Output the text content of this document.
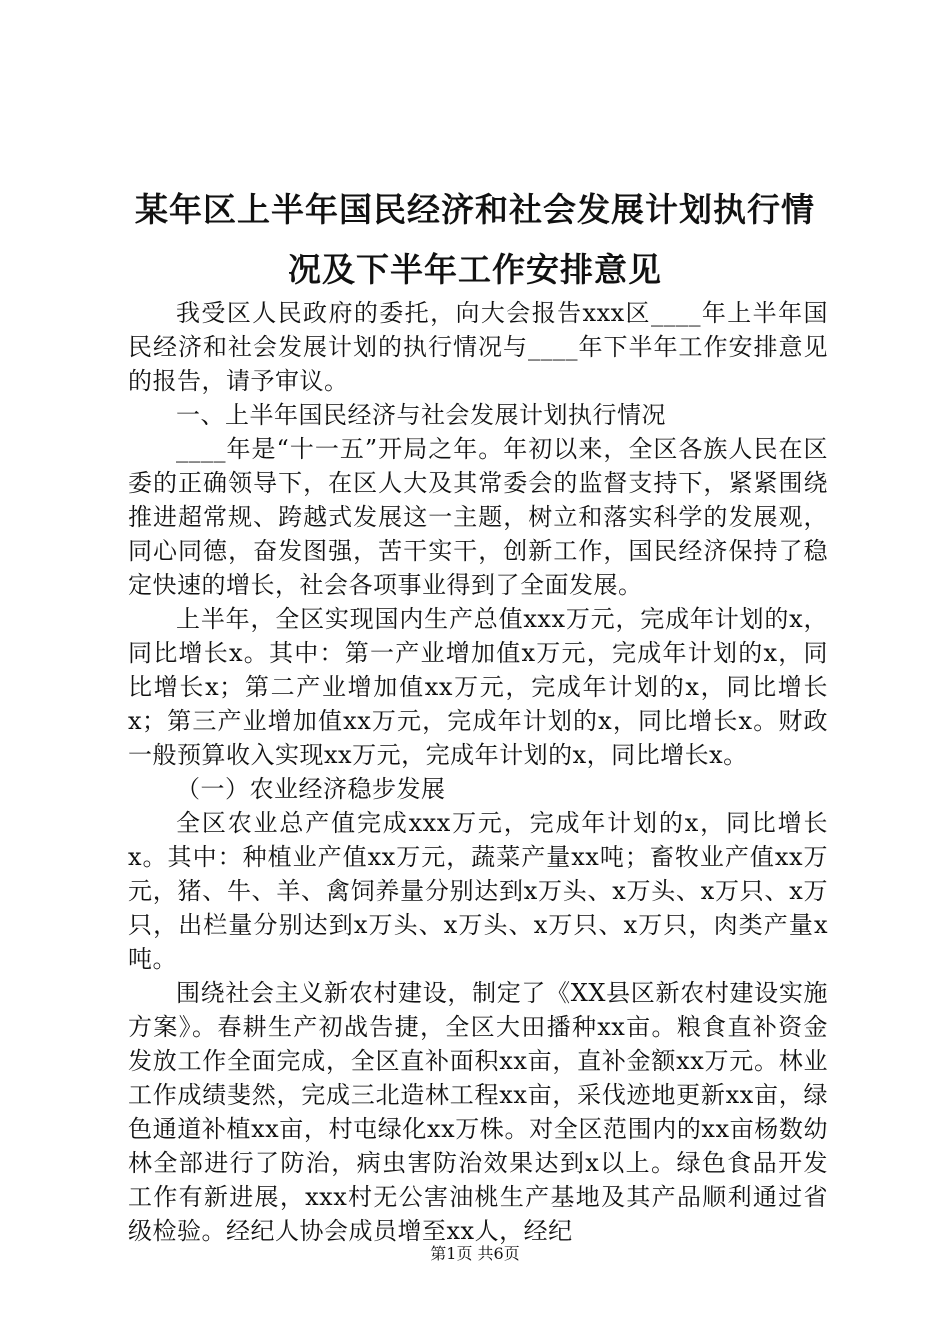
某年区上半年国民经济和社会发展计划执行情
况及下半年工作安排意见

我受区人民政府的委托，向大会报告xxx区____年上半年国民经济和社会发展计划的执行情况与____年下半年工作安排意见的报告，请予审议。

一、上半年国民经济与社会发展计划执行情况

____年是“十一五”开局之年。年初以来，全区各族人民在区委的正确领导下，在区人大及其常委会的监督支持下，紧紧围绕推进超常规、跨越式发展这一主题，树立和落实科学的发展观，同心同德，奋发图强，苦干实干，创新工作，国民经济保持了稳定快速的增长，社会各项事业得到了全面发展。

上半年，全区实现国内生产总值xxx万元，完成年计划的x，同比增长x。其中：第一产业增加值x万元，完成年计划的x，同比增长x；第二产业增加值xx万元，完成年计划的x，同比增长x；第三产业增加值xx万元，完成年计划的x，同比增长x。财政一般预算收入实现xx万元，完成年计划的x，同比增长x。

（一）农业经济稳步发展

全区农业总产值完成xxx万元，完成年计划的x，同比增长x。其中：种植业产值xx万元，蔬菜产量xx吨；畜牧业产值xx万元，猪、牛、羊、禽饲养量分别达到x万头、x万头、x万只、x万只，出栏量分别达到x万头、x万头、x万只、x万只，肉类产量x吨。

围绕社会主义新农村建设，制定了《XX县区新农村建设实施方案》。春耕生产初战告捷，全区大田播种xx亩。粮食直补资金发放工作全面完成，全区直补面积xx亩，直补金额xx万元。林业工作成绩斐然，完成三北造林工程xx亩，采伐迹地更新xx亩，绿色通道补植xx亩，村屯绿化xx万株。对全区范围内的xx亩杨数幼林全部进行了防治，病虫害防治效果达到x以上。绿色食品开发工作有新进展，xxx村无公害油桃生产基地及其产品顺利通过省级检验。经纪人协会成员增至xx人，经纪

第1页 共6页
